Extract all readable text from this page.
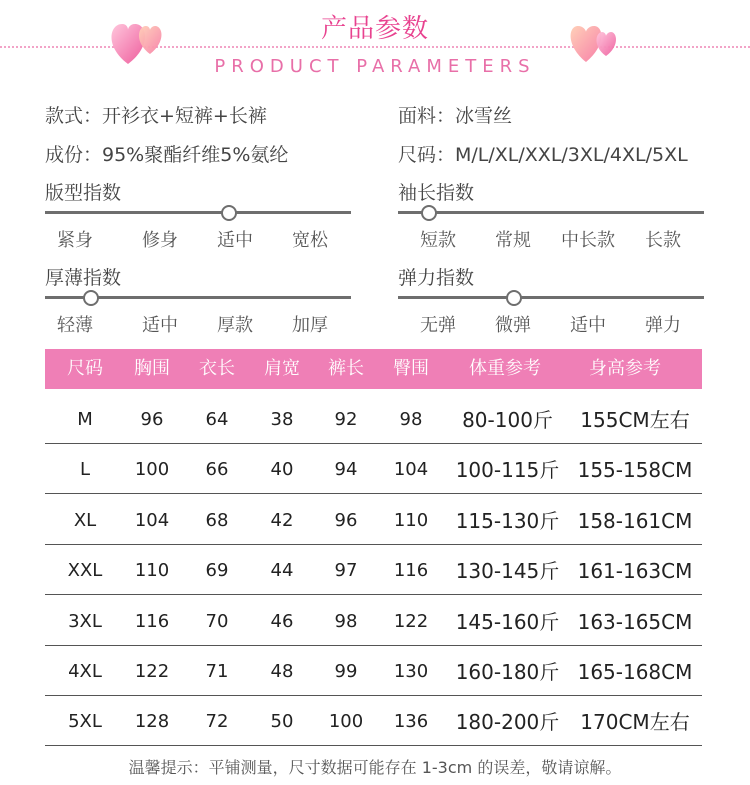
产品参数
PRODUCT PARAMETERS
款式：开衫衣+短裤+长裤	面料：冰雪丝
成份：95%聚酯纤维5%氨纶	尺码：M/L/XL/XXL/3XL/4XL/5XL
版型指数
紧身	修身	适中	宽松
袖长指数
短款	常规	中长款	长款
厚薄指数
轻薄	适中	厚款	加厚
弹力指数
无弹	微弹	适中	弹力
尺码	胸围	衣长	肩宽	裤长	臀围	体重参考	身高参考
M	96	64	38	92	98	80-100斤	155CM左右
L	100	66	40	94	104	100-115斤 155-158CM
XL	104	68	42	96	110	115-130斤 158-161CM
XXL	110	69	44	97	116	130-145斤 161-163CM
3XL	116	70	46	98	122	145-160斤 163-165CM
4XL	122	71	48	99	130	160-180斤 165-168CM
5XL	128	72	50	100	136	180-200斤	170CM左右
温馨提示：平铺测量，尺寸数据可能存在 1-3cm 的误差，敬请谅解。
